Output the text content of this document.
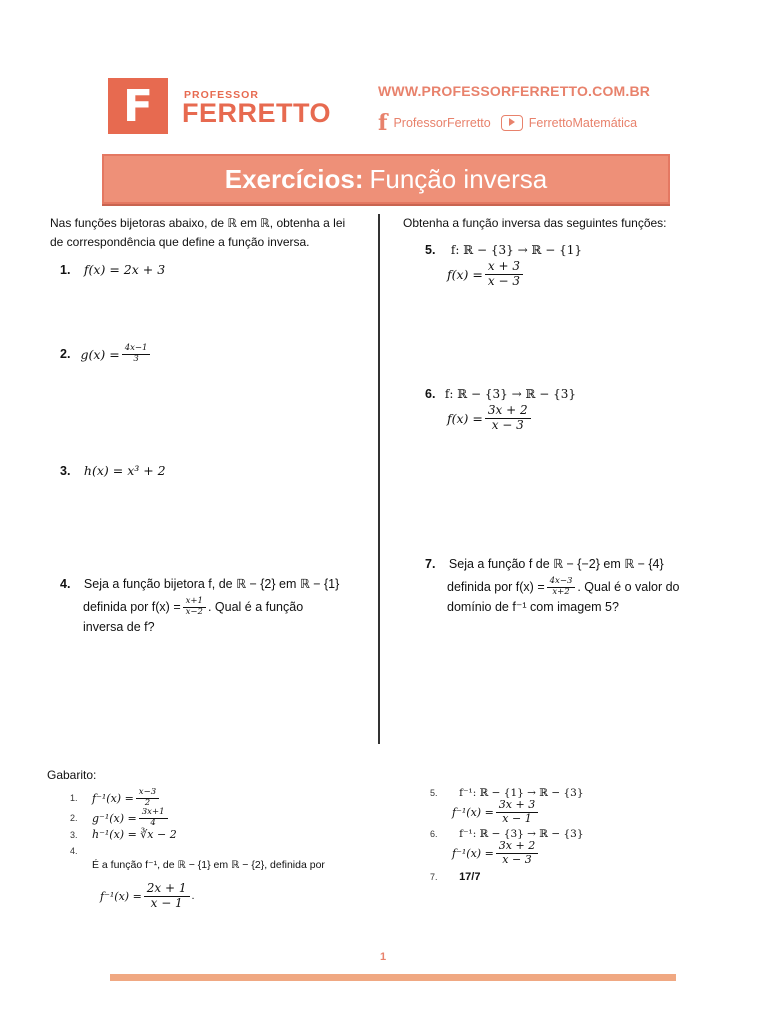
F	PROFESSOR
FERRETTO
WWW.PROFESSORFERRETTO.COM.BR
f ProfessorFerretto	FerrettoMatemática
Exercícios: Função inversa
Nas funções bijetoras abaixo, de ℝ em ℝ, obtenha a lei de correspondência que define a função inversa.
1. f(x) = 2x + 3
2. $g(x) = \frac{4x-1}{3}$
3. h(x) = x³ + 2
4. Seja a função bijetora f, de ℝ − {2} em ℝ − {1}
definida por $f(x) = \frac{x+1}{x-2}$ . Qual é a função
inversa de f?
Obtenha a função inversa das seguintes funções:
5. f: ℝ − {3} → ℝ − {1}
$f(x) = \frac{x + 3}{x - 3}$
6. f: ℝ − {3} → ℝ − {3}
$f(x) = \frac{3x + 2}{x - 3}$
7. Seja a função f de ℝ − {−2} em ℝ − {4}
definida por $f(x) = \frac{4x-3}{x+2}$ . Qual é o valor do
domínio de f⁻¹ com imagem 5?
Gabarito:
1.	$f^{-1}(x) = \frac{x-3}{2}$
2.	$g^{-1}(x) = \frac{3x+1}{4}$
3.	h⁻¹(x) = ∛x − 2
4.
É a função f⁻¹, de ℝ − {1} em ℝ − {2}, definida por
$f^{-1}(x) = \frac{2x + 1}{x - 1}$ .
5. f⁻¹: ℝ − {1} → ℝ − {3}
$f^{-1}(x) = \frac{3x + 3}{x - 1}$
6. f⁻¹: ℝ − {3} → ℝ − {3}
$f^{-1}(x) = \frac{3x + 2}{x - 3}$
7. 17/7
1
